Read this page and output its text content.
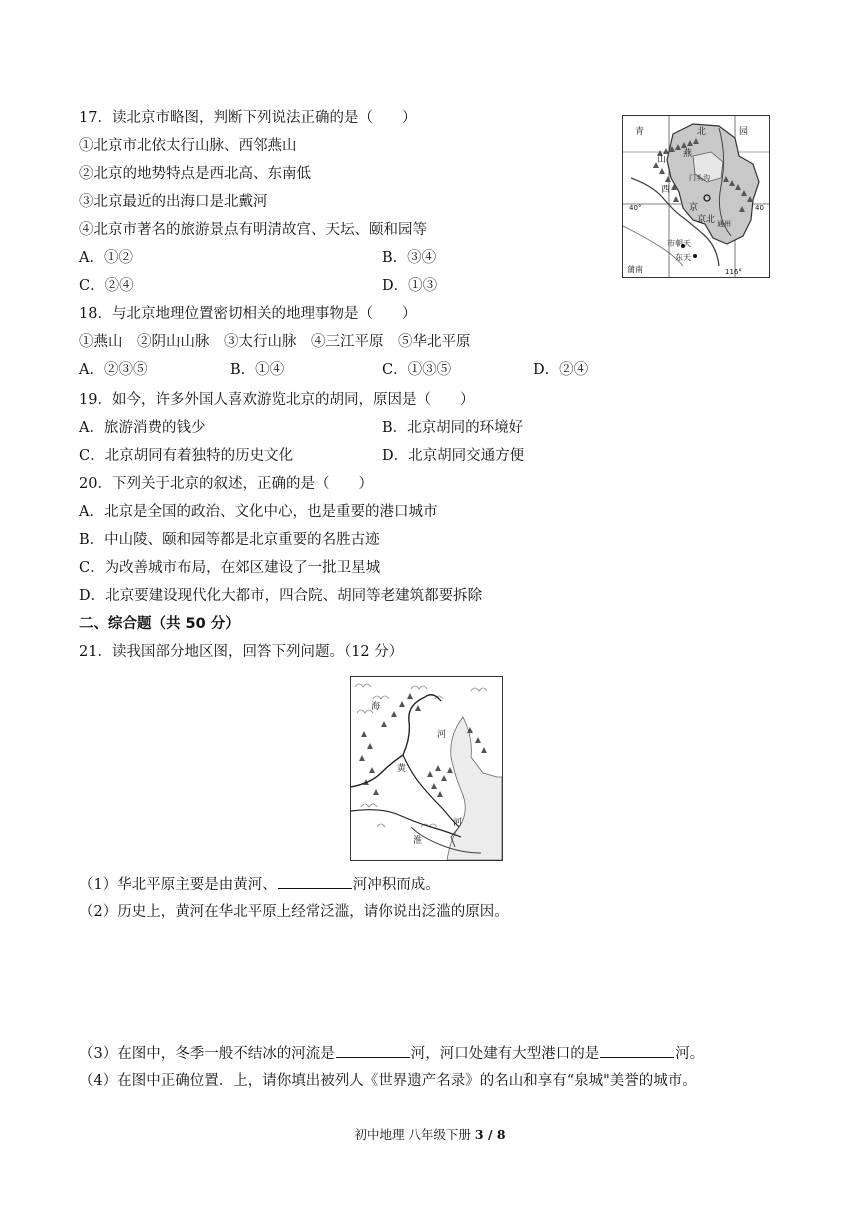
17．读北京市略图，判断下列说法正确的是（　　）
①北京市北依太行山脉、西邻燕山
②北京的地势特点是西北高、东南低
③北京最近的出海口是北戴河
④北京市著名的旅游景点有明清故宫、天坛、颐和园等
A．①②	B．③④
C．②④	D．①③
青	北	园
山
燕
西
京
京北
门头沟
通州
市朝天
东天
蒲南
40°
116°
40
18．与北京地理位置密切相关的地理事物是（　　）
①燕山　②阴山山脉　③太行山脉　④三江平原　⑤华北平原
A．②③⑤	B．①④	C．①③⑤	D．②④
19．如今，许多外国人喜欢游览北京的胡同，原因是（　　）
A．旅游消费的钱少	B．北京胡同的环境好
C．北京胡同有着独特的历史文化	D．北京胡同交通方便
20．下列关于北京的叙述，正确的是（　　）
A．北京是全国的政治、文化中心，也是重要的港口城市
B．中山陵、颐和园等都是北京重要的名胜古迹
C．为改善城市布局，在郊区建设了一批卫星城
D．北京要建设现代化大都市，四合院、胡同等老建筑都要拆除
二、综合题（共 50 分）
21．读我国部分地区图，回答下列问题。（12 分）
河
黄
海
河
淮
（1）华北平原主要是由黄河、	河冲积而成。
（2）历史上，黄河在华北平原上经常泛滥，请你说出泛滥的原因。
（3）在图中，冬季一般不结冰的河流是	河，河口处建有大型港口的是	河。
（4）在图中正确位置．上，请你填出被列人《世界遗产名录》的名山和享有“泉城"美誉的城市。
初中地理 八年级下册 3 / 8
